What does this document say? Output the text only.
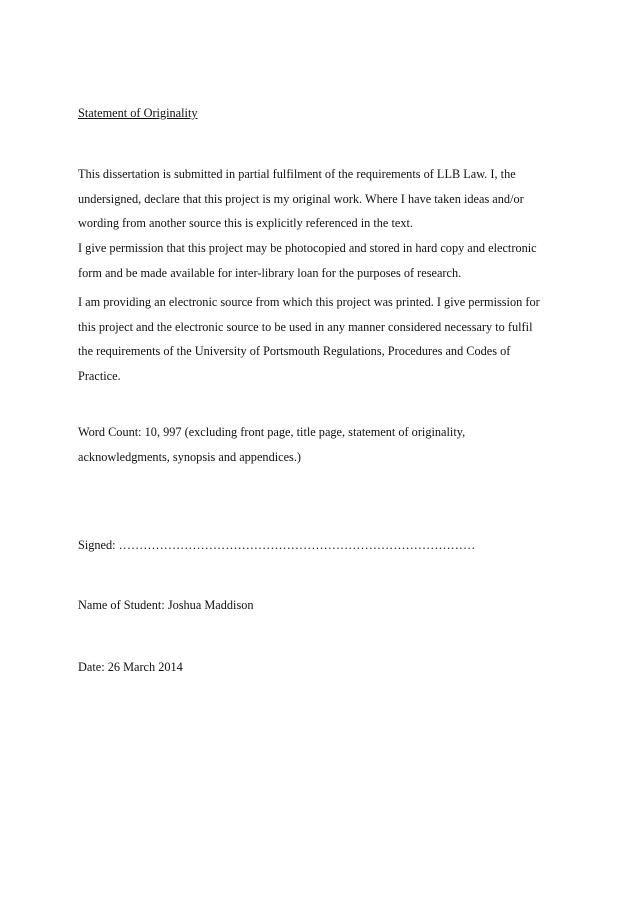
Statement of Originality
This dissertation is submitted in partial fulfilment of the requirements of LLB Law. I, the
undersigned, declare that this project is my original work. Where I have taken ideas and/or
wording from another source this is explicitly referenced in the text.
I give permission that this project may be photocopied and stored in hard copy and electronic
form and be made available for inter-library loan for the purposes of research.
I am providing an electronic source from which this project was printed. I give permission for
this project and the electronic source to be used in any manner considered necessary to fulfil
the requirements of the University of Portsmouth Regulations, Procedures and Codes of
Practice.
Word Count: 10, 997 (excluding front page, title page, statement of originality,
acknowledgments, synopsis and appendices.)
Signed: ……………………………………………………………………………
Name of Student: Joshua Maddison
Date: 26 March 2014
